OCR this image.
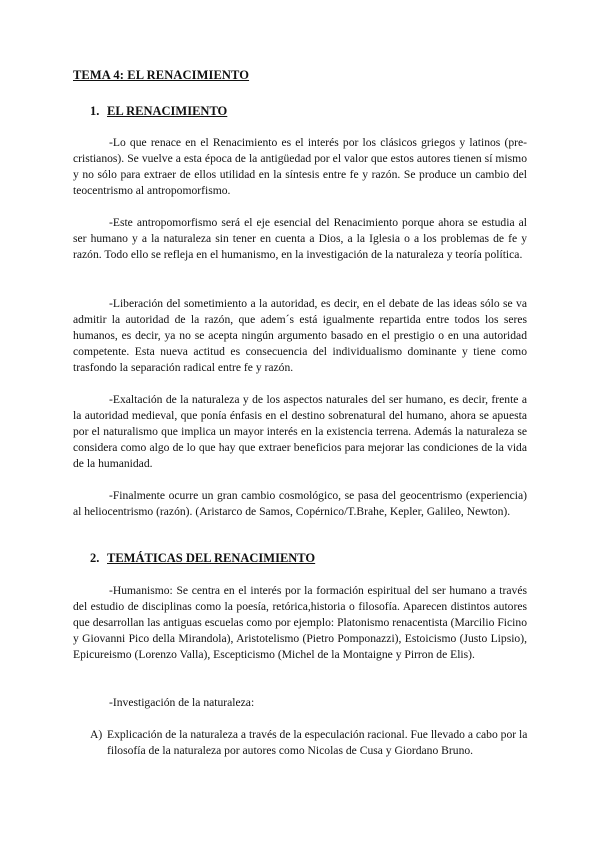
TEMA 4: EL RENACIMIENTO
1. EL RENACIMIENTO

-Lo que renace en el Renacimiento es el interés por los clásicos griegos y latinos (pre-cristianos). Se vuelve a esta época de la antigüedad por el valor que estos autores tienen sí mismo y no sólo para extraer de ellos utilidad en la síntesis entre fe y razón. Se produce un cambio del teocentrismo al antropomorfismo.

-Este antropomorfismo será el eje esencial del Renacimiento porque ahora se estudia al ser humano y a la naturaleza sin tener en cuenta a Dios, a la Iglesia o a los problemas de fe y razón. Todo ello se refleja en el humanismo, en la investigación de la naturaleza y teoría política.

-Liberación del sometimiento a la autoridad, es decir, en el debate de las ideas sólo se va admitir la autoridad de la razón, que adem´s está igualmente repartida entre todos los seres humanos, es decir, ya no se acepta ningún argumento basado en el prestigio o en una autoridad competente. Esta nueva actitud es consecuencia del individualismo dominante y tiene como trasfondo la separación radical entre fe y razón.

-Exaltación de la naturaleza y de los aspectos naturales del ser humano, es decir, frente a la autoridad medieval, que ponía énfasis en el destino sobrenatural del humano, ahora se apuesta por el naturalismo que implica un mayor interés en la existencia terrena. Además la naturaleza se considera como algo de lo que hay que extraer beneficios para mejorar las condiciones de la vida de la humanidad.

-Finalmente ocurre un gran cambio cosmológico, se pasa del geocentrismo (experiencia) al heliocentrismo (razón). (Aristarco de Samos, Copérnico/T.Brahe, Kepler, Galileo, Newton).

2. TEMÁTICAS DEL RENACIMIENTO

-Humanismo: Se centra en el interés por la formación espiritual del ser humano a través del estudio de disciplinas como la poesía, retórica,historia o filosofía. Aparecen distintos autores que desarrollan las antiguas escuelas como por ejemplo: Platonismo renacentista (Marcilio Ficino y Giovanni Pico della Mirandola), Aristotelismo (Pietro Pomponazzi), Estoicismo (Justo Lipsio), Epicureismo (Lorenzo Valla), Escepticismo (Michel de la Montaigne y Pirron de Elis).

-Investigación de la naturaleza:

A) Explicación de la naturaleza a través de la especulación racional. Fue llevado a cabo por la filosofía de la naturaleza por autores como Nicolas de Cusa y Giordano Bruno.
